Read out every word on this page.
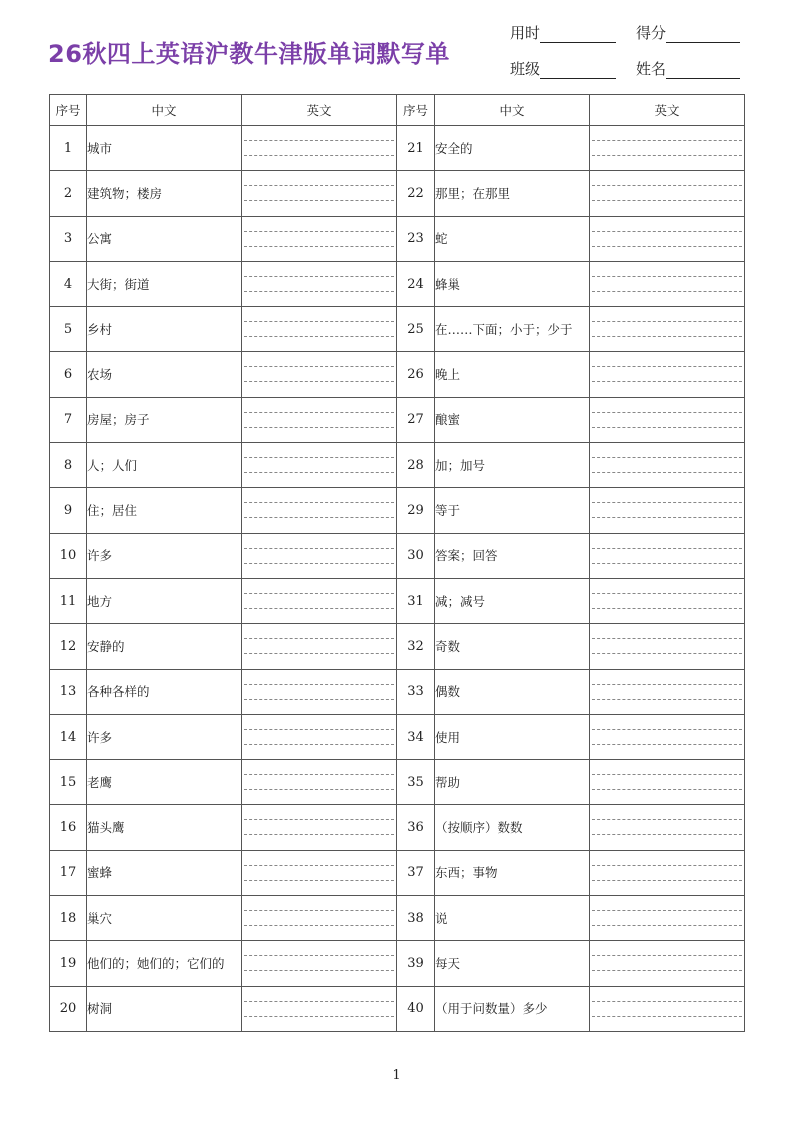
26秋四上英语沪教牛津版单词默写单
用时	得分
班级	姓名
序号	中文	英文	序号	中文	英文
1	城市		21	安全的	

2	建筑物；楼房		22	那里；在那里	

3	公寓		23	蛇	

4	大街；街道		24	蜂巢	

5	乡村		25	在……下面；小于；少于	

6	农场		26	晚上	

7	房屋；房子		27	酿蜜	

8	人；人们		28	加；加号	

9	住；居住		29	等于	

10	许多		30	答案；回答	

11	地方		31	减；减号	

12	安静的		32	奇数	

13	各种各样的		33	偶数	

14	许多		34	使用	

15	老鹰		35	帮助	

16	猫头鹰		36	（按顺序）数数	

17	蜜蜂		37	东西；事物	

18	巢穴		38	说	

19	他们的；她们的；它们的		39	每天	

20	树洞		40	（用于问数量）多少	
1
